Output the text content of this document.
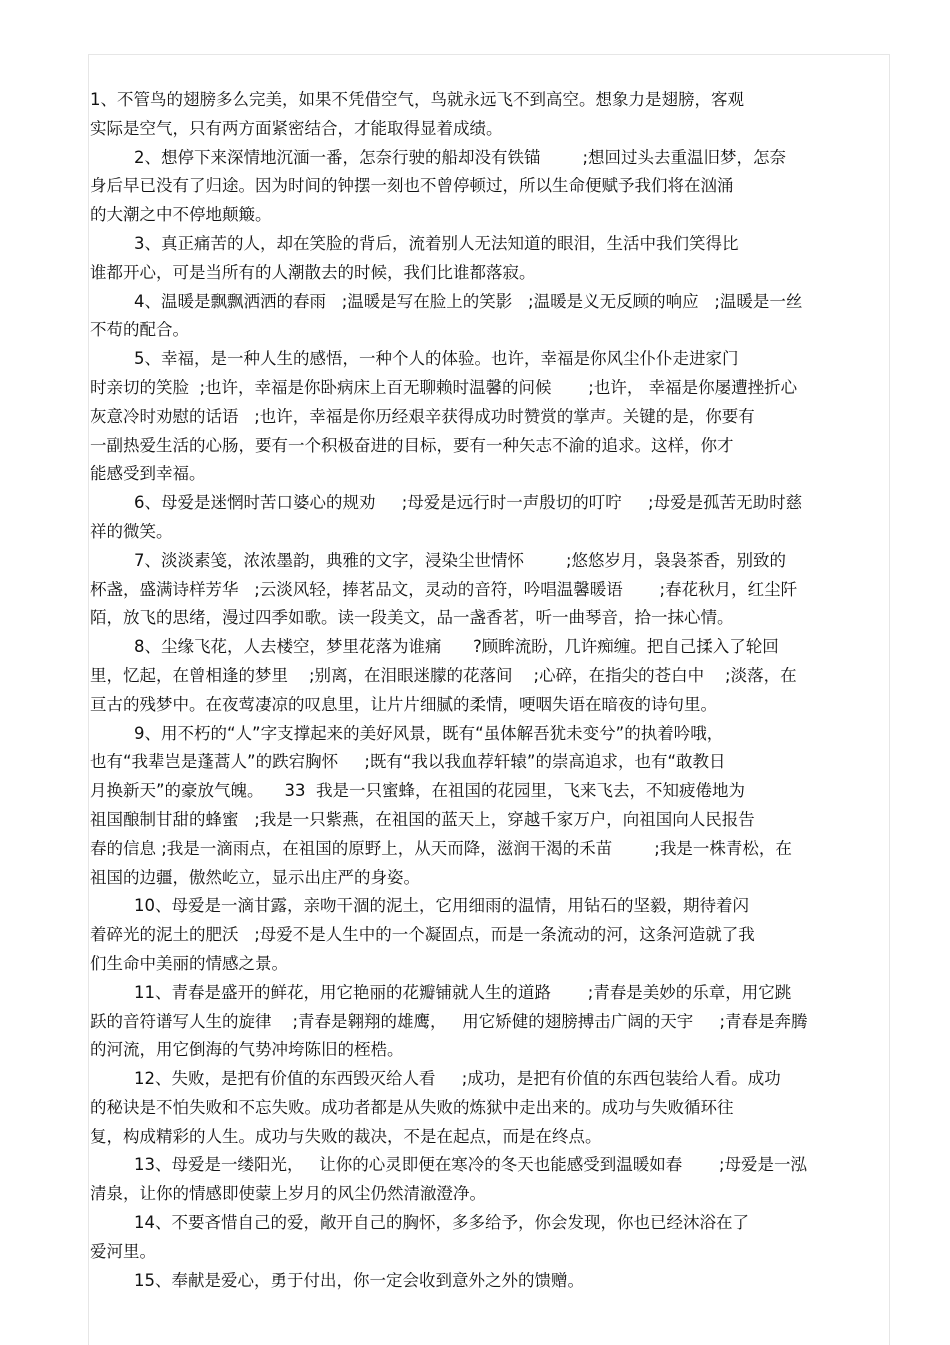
1、不管鸟的翅膀多么完美，如果不凭借空气，鸟就永远飞不到高空。想象力是翅膀，客观
实际是空气，只有两方面紧密结合，才能取得显着成绩。
2、想停下来深情地沉湎一番，怎奈行驶的船却没有铁锚        ;想回过头去重温旧梦，怎奈
身后早已没有了归途。因为时间的钟摆一刻也不曾停顿过，所以生命便赋予我们将在汹涌
的大潮之中不停地颠簸。
3、真正痛苦的人，却在笑脸的背后，流着别人无法知道的眼泪，生活中我们笑得比
谁都开心，可是当所有的人潮散去的时候，我们比谁都落寂。
4、温暖是飘飘洒洒的春雨   ;温暖是写在脸上的笑影   ;温暖是义无反顾的响应   ;温暖是一丝
不苟的配合。
5、幸福，是一种人生的感悟，一种个人的体验。也许，幸福是你风尘仆仆走进家门
时亲切的笑脸  ;也许，幸福是你卧病床上百无聊赖时温馨的问候       ;也许， 幸福是你屡遭挫折心
灰意冷时劝慰的话语   ;也许，幸福是你历经艰辛获得成功时赞赏的掌声。关键的是，你要有
一副热爱生活的心肠，要有一个积极奋进的目标，要有一种矢志不渝的追求。这样，你才
能感受到幸福。
6、母爱是迷惘时苦口婆心的规劝     ;母爱是远行时一声殷切的叮咛     ;母爱是孤苦无助时慈
祥的微笑。
7、淡淡素笺，浓浓墨韵，典雅的文字，浸染尘世情怀        ;悠悠岁月，袅袅茶香，别致的
杯盏，盛满诗样芳华   ;云淡风轻，捧茗品文，灵动的音符，吟唱温馨暖语       ;春花秋月，红尘阡
陌，放飞的思绪，漫过四季如歌。读一段美文，品一盏香茗，听一曲琴音，拾一抹心情。
8、尘缘飞花，人去楼空，梦里花落为谁痛      ?顾眸流盼，几许痴缠。把自己揉入了轮回
里，忆起，在曾相逢的梦里    ;别离，在泪眼迷朦的花落间    ;心碎，在指尖的苍白中    ;淡落，在
亘古的残梦中。在夜莺凄凉的叹息里，让片片细腻的柔情，哽咽失语在暗夜的诗句里。
9、用不朽的“人”字支撑起来的美好风景，既有“虽体解吾犹未变兮”的执着吟哦，
也有“我辈岂是蓬蒿人”的跌宕胸怀     ;既有“我以我血荐轩辕”的崇高追求，也有“敢教日
月换新天”的豪放气魄。    33  我是一只蜜蜂，在祖国的花园里，飞来飞去，不知疲倦地为
祖国酿制甘甜的蜂蜜   ;我是一只紫燕，在祖国的蓝天上，穿越千家万户，向祖国向人民报告
春的信息 ;我是一滴雨点，在祖国的原野上，从天而降，滋润干渴的禾苗        ;我是一株青松，在
祖国的边疆，傲然屹立，显示出庄严的身姿。
10、母爱是一滴甘露，亲吻干涸的泥土，它用细雨的温情，用钻石的坚毅，期待着闪
着碎光的泥土的肥沃   ;母爱不是人生中的一个凝固点，而是一条流动的河，这条河造就了我
们生命中美丽的情感之景。
11、青春是盛开的鲜花，用它艳丽的花瓣铺就人生的道路       ;青春是美妙的乐章，用它跳
跃的音符谱写人生的旋律    ;青春是翱翔的雄鹰，   用它矫健的翅膀搏击广阔的天宇     ;青春是奔腾
的河流，用它倒海的气势冲垮陈旧的桎梏。
12、失败，是把有价值的东西毁灭给人看     ;成功，是把有价值的东西包装给人看。成功
的秘诀是不怕失败和不忘失败。成功者都是从失败的炼狱中走出来的。成功与失败循环往
复，构成精彩的人生。成功与失败的裁决，不是在起点，而是在终点。
13、母爱是一缕阳光，   让你的心灵即便在寒冷的冬天也能感受到温暖如春       ;母爱是一泓
清泉，让你的情感即使蒙上岁月的风尘仍然清澈澄净。
14、不要吝惜自己的爱，敞开自己的胸怀，多多给予，你会发现，你也已经沐浴在了
爱河里。
15、奉献是爱心，勇于付出，你一定会收到意外之外的馈赠。
